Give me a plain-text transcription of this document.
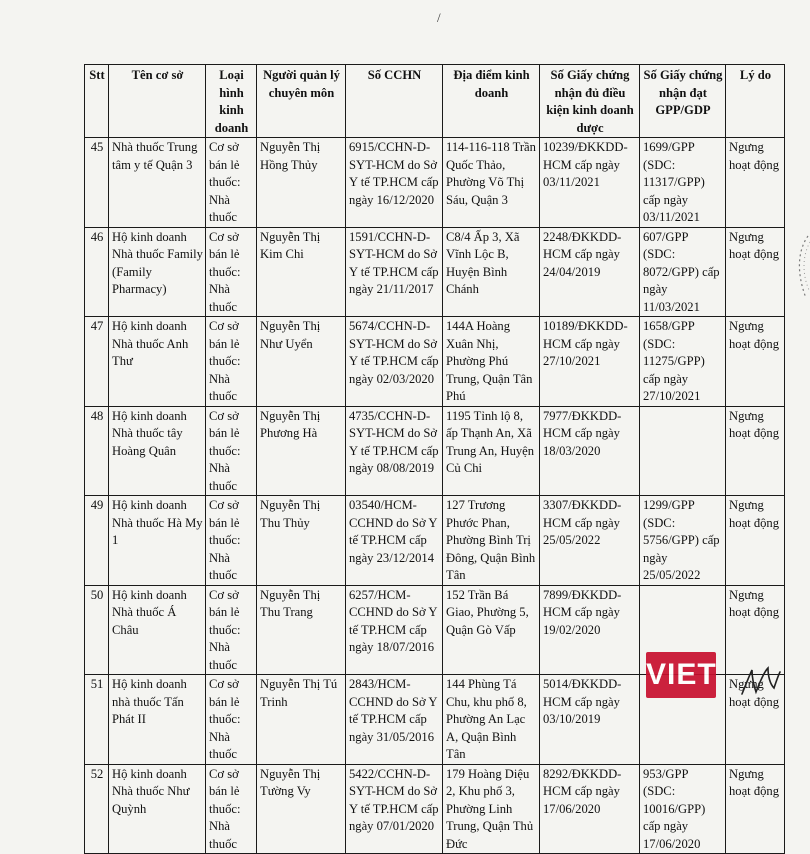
/
Stt	Tên cơ sở	Loại hình kinh doanh	Người quản lý chuyên môn	Số CCHN	Địa điểm kinh doanh	Số Giấy chứng nhận đủ điều kiện kinh doanh dược	Số Giấy chứng nhận đạt GPP/GDP	Lý do
45	Nhà thuốc Trung tâm y tế Quận 3	Cơ sở bán lẻ thuốc: Nhà thuốc	Nguyễn Thị Hồng Thủy	6915/CCHN-D-SYT-HCM do Sở Y tế TP.HCM cấp ngày 16/12/2020	114-116-118 Trần Quốc Thảo, Phường Võ Thị Sáu, Quận 3	10239/ĐKKDD-HCM cấp ngày 03/11/2021	1699/GPP (SDC: 11317/GPP) cấp ngày 03/11/2021	Ngưng hoạt động
46	Hộ kinh doanh Nhà thuốc Family (Family Pharmacy)	Cơ sở bán lẻ thuốc: Nhà thuốc	Nguyễn Thị Kim Chi	1591/CCHN-D-SYT-HCM do Sở Y tế TP.HCM cấp ngày 21/11/2017	C8/4 Ấp 3, Xã Vĩnh Lộc B, Huyện Bình Chánh	2248/ĐKKDD-HCM cấp ngày 24/04/2019	607/GPP (SDC: 8072/GPP) cấp ngày 11/03/2021	Ngưng hoạt động
47	Hộ kinh doanh Nhà thuốc Anh Thư	Cơ sở bán lẻ thuốc: Nhà thuốc	Nguyễn Thị Như Uyển	5674/CCHN-D-SYT-HCM do Sở Y tế TP.HCM cấp ngày 02/03/2020	144A Hoàng Xuân Nhị, Phường Phú Trung, Quận Tân Phú	10189/ĐKKDD-HCM cấp ngày 27/10/2021	1658/GPP (SDC: 11275/GPP) cấp ngày 27/10/2021	Ngưng hoạt động
48	Hộ kinh doanh Nhà thuốc tây Hoàng Quân	Cơ sở bán lẻ thuốc: Nhà thuốc	Nguyễn Thị Phương Hà	4735/CCHN-D-SYT-HCM do Sở Y tế TP.HCM cấp ngày 08/08/2019	1195 Tỉnh lộ 8, ấp Thạnh An, Xã Trung An, Huyện Củ Chi	7977/ĐKKDD-HCM cấp ngày 18/03/2020		Ngưng hoạt động
49	Hộ kinh doanh Nhà thuốc Hà My 1	Cơ sở bán lẻ thuốc: Nhà thuốc	Nguyễn Thị Thu Thủy	03540/HCM-CCHND do Sở Y tế TP.HCM cấp ngày 23/12/2014	127 Trương Phước Phan, Phường Bình Trị Đông, Quận Bình Tân	3307/ĐKKDD-HCM cấp ngày 25/05/2022	1299/GPP (SDC: 5756/GPP) cấp ngày 25/05/2022	Ngưng hoạt động
50	Hộ kinh doanh Nhà thuốc Á Châu	Cơ sở bán lẻ thuốc: Nhà thuốc	Nguyễn Thị Thu Trang	6257/HCM-CCHND do Sở Y tế TP.HCM cấp ngày 18/07/2016	152 Trần Bá Giao, Phường 5, Quận Gò Vấp	7899/ĐKKDD-HCM cấp ngày 19/02/2020		Ngưng hoạt động
51	Hộ kinh doanh nhà thuốc Tấn Phát II	Cơ sở bán lẻ thuốc: Nhà thuốc	Nguyễn Thị Tú Trinh	2843/HCM-CCHND do Sở Y tế TP.HCM cấp ngày 31/05/2016	144 Phùng Tá Chu, khu phố 8, Phường An Lạc A, Quận Bình Tân	5014/ĐKKDD-HCM cấp ngày 03/10/2019		Ngưng hoạt động
52	Hộ kinh doanh Nhà thuốc Như Quỳnh	Cơ sở bán lẻ thuốc: Nhà thuốc	Nguyễn Thị Tường Vy	5422/CCHN-D-SYT-HCM do Sở Y tế TP.HCM cấp ngày 07/01/2020	179 Hoàng Diệu 2, Khu phố 3, Phường Linh Trung, Quận Thủ Đức	8292/ĐKKDD-HCM cấp ngày 17/06/2020	953/GPP (SDC: 10016/GPP) cấp ngày 17/06/2020	Ngưng hoạt động
VIET
